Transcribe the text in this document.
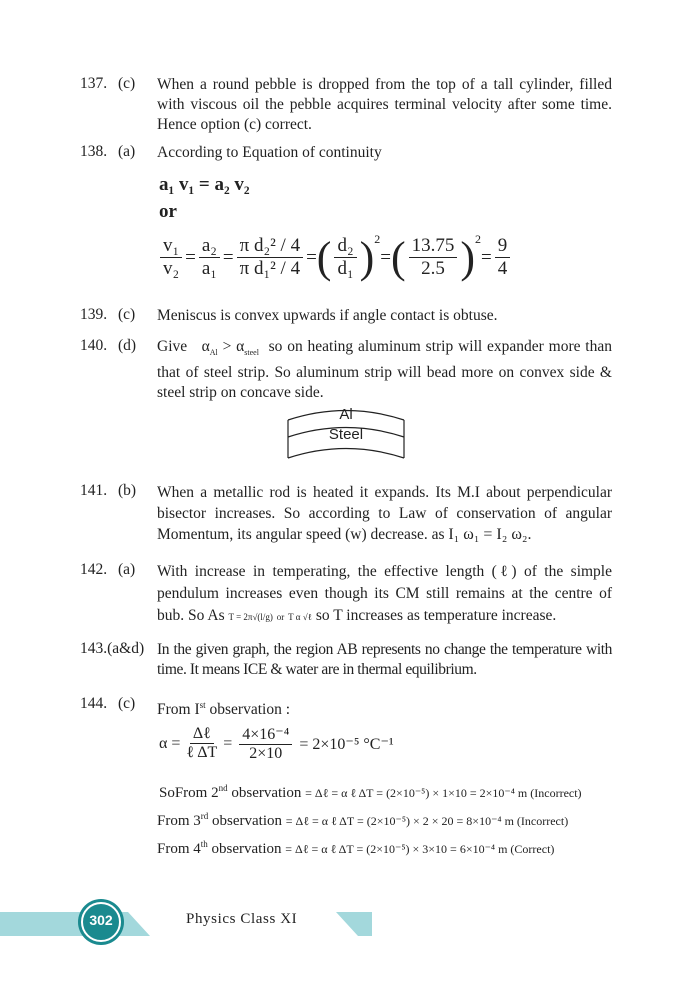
137. (c) When a round pebble is dropped from the top of a tall cylinder, filled with viscous oil the pebble acquires terminal velocity after some time. Hence option (c) correct.
138. (a) According to Equation of continuity
a₁ v₁ = a₂ v₂
or
$\frac{\text{v₁}}{\text{v₂}} = \frac{\text{a₂}}{\text{a₁}} = \frac{\text{π d₂² / 4}}{\text{π d₁² / 4}}$ = ( $\frac{\text{d₂}}{\text{d₁}} )^2$
= ( $\frac{13.75}{2.5} )^2$
= $\frac{9}{4}$
139. (c) Meniscus is convex upwards if angle contact is obtuse.
140. (d) Give $\alpha_{Al} > \alpha_{steel}$ so on heating aluminum strip will expander more than that of steel strip. So aluminum strip will bead more on convex side & steel strip on concave side.
Al
Steel
141. (b) When a metallic rod is heated it expands. Its M.I about perpendicular bisector increases. So according to Law of conservation of angular Momentum, its angular speed (w) decrease. as I₁ ω₁ = I₂ ω₂.
142. (a) With increase in temperating, the effective length (ℓ) of the simple pendulum increases even though its CM still remains at the centre of bub. So As T = 2π√(l/g) or T α √ℓ so T increases as temperature increase.
143.(a&d) In the given graph, the region AB represents no change the temperature with time. It means ICE & water are in thermal equilibrium.
144. (c) From Ist observation :
$\alpha = \frac{\text{Δℓ}}{\text{ℓ ΔT}}$ =
$\frac{\text{4×16⁻⁴}}{2\times 10}$
= 2×10⁻⁵ °C⁻¹
SoFrom 2nd observation = Δℓ = α ℓ ΔT = (2×10⁻⁵) × 1×10 = 2×10⁻⁴ m (Incorrect)
From 3rd observation = Δℓ = α ℓ ΔT = (2×10⁻⁵) × 2 × 20 = 8×10⁻⁴ m (Incorrect)
From 4th observation = Δℓ = α ℓ ΔT = (2×10⁻⁵) × 3×10 = 6×10⁻⁴ m (Correct)
302	Physics Class XI
